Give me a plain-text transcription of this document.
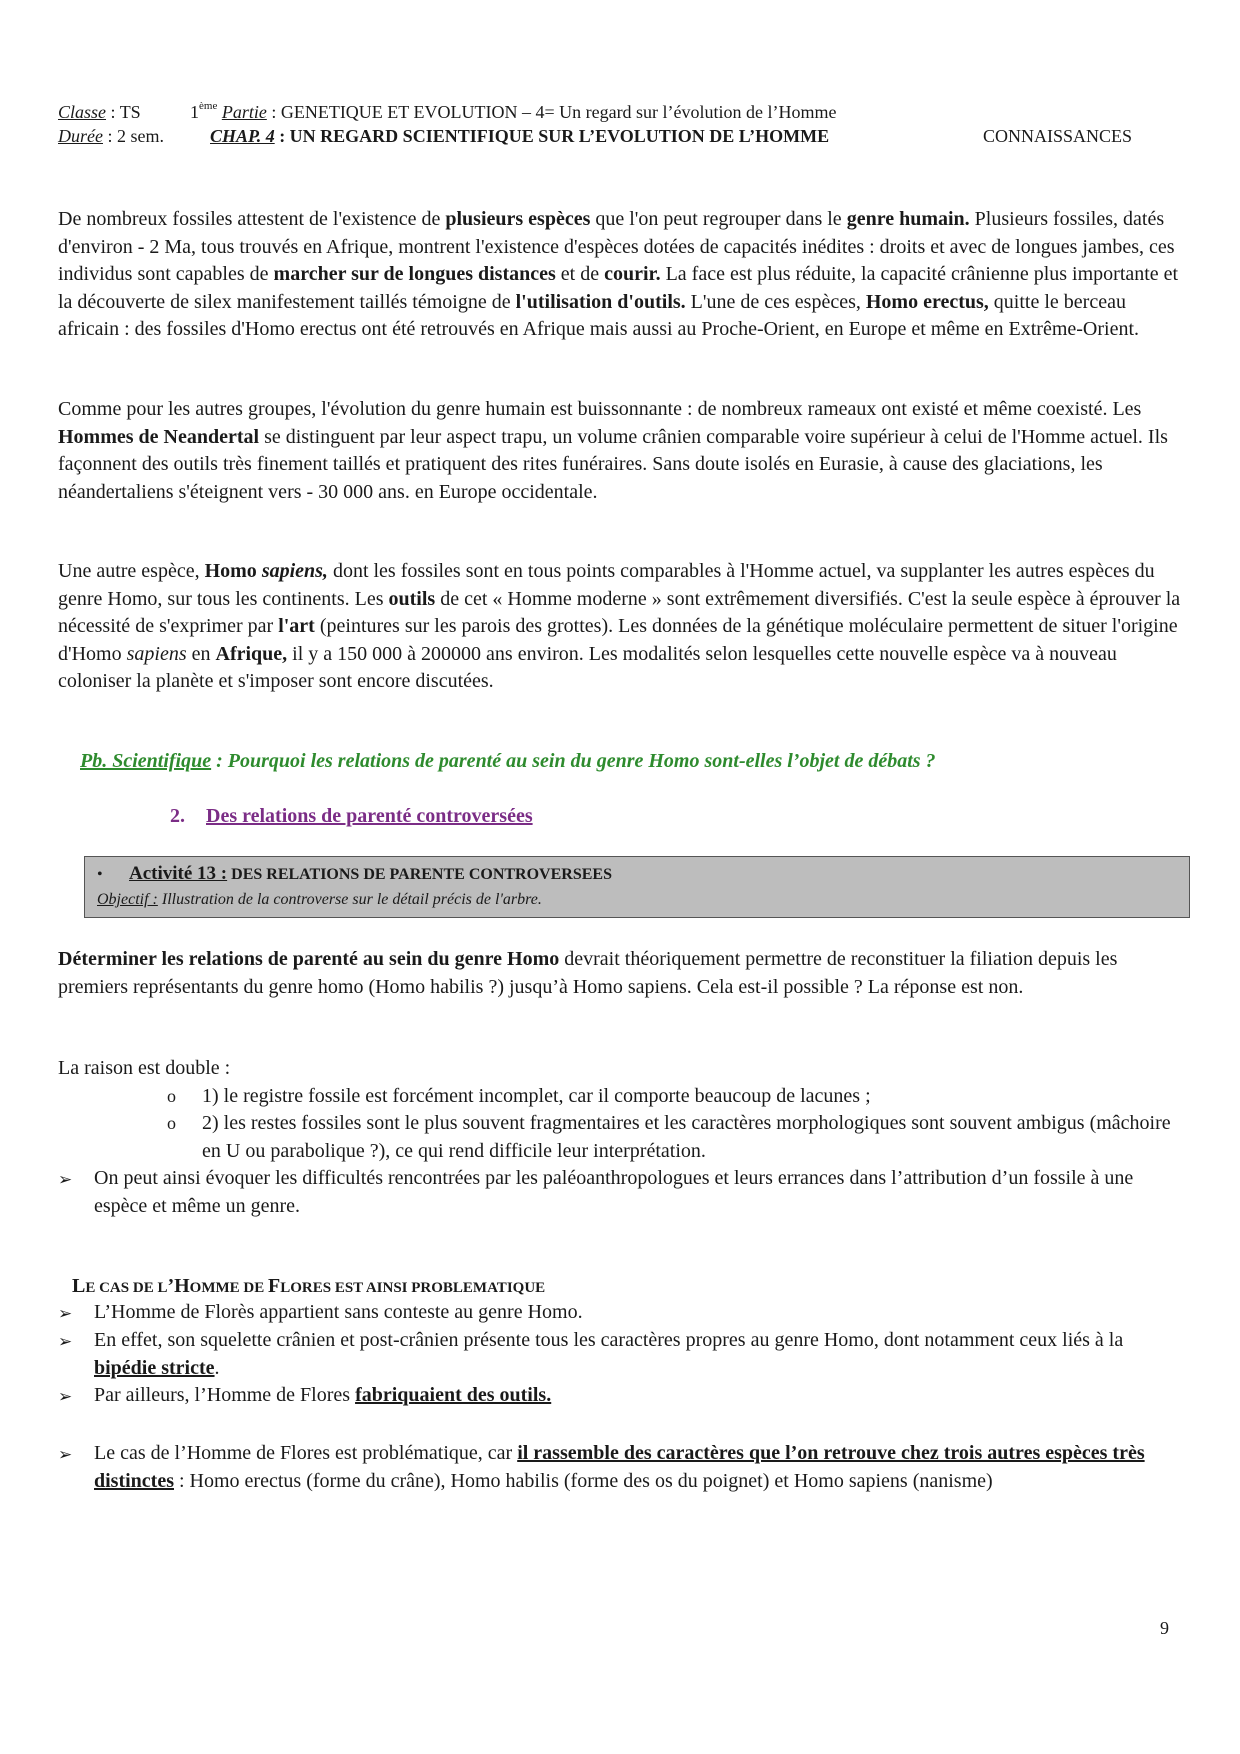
Classe : TS	1ème Partie : GENETIQUE ET EVOLUTION – 4= Un regard sur l’évolution de l’Homme
Durée : 2 sem.	CHAP. 4 : UN REGARD SCIENTIFIQUE SUR L’EVOLUTION DE L’HOMME	CONNAISSANCES

De nombreux fossiles attestent de l'existence de plusieurs espèces que l'on peut regrouper dans le genre humain. Plusieurs fossiles, datés d'environ - 2 Ma, tous trouvés en Afrique, montrent l'existence d'espèces dotées de capacités inédites : droits et avec de longues jambes, ces individus sont capables de marcher sur de longues distances et de courir. La face est plus réduite, la capacité crânienne plus importante et la découverte de silex manifestement taillés témoigne de l'utilisation d'outils. L'une de ces espèces, Homo erectus, quitte le berceau africain : des fossiles d'Homo erectus ont été retrouvés en Afrique mais aussi au Proche-Orient, en Europe et même en Extrême-Orient.

Comme pour les autres groupes, l'évolution du genre humain est buissonnante : de nombreux rameaux ont existé et même coexisté. Les Hommes de Neandertal se distinguent par leur aspect trapu, un volume crânien comparable voire supérieur à celui de l'Homme actuel. Ils façonnent des outils très finement taillés et pratiquent des rites funéraires. Sans doute isolés en Eurasie, à cause des glaciations, les néandertaliens s'éteignent vers - 30 000 ans. en Europe occidentale.

Une autre espèce, Homo sapiens, dont les fossiles sont en tous points comparables à l'Homme actuel, va supplanter les autres espèces du genre Homo, sur tous les continents. Les outils de cet « Homme moderne » sont extrêmement diversifiés. C'est la seule espèce à éprouver la nécessité de s'exprimer par l'art (peintures sur les parois des grottes). Les données de la génétique moléculaire permettent de situer l'origine d'Homo sapiens en Afrique, il y a 150 000 à 200000 ans environ. Les modalités selon lesquelles cette nouvelle espèce va à nouveau coloniser la planète et s'imposer sont encore discutées.

Pb. Scientifique : Pourquoi les relations de parenté au sein du genre Homo sont-elles l’objet de débats ?
2. Des relations de parenté controversées
• Activité 13 : DES RELATIONS DE PARENTE CONTROVERSEES
Objectif : Illustration de la controverse sur le détail précis de l'arbre.

Déterminer les relations de parenté au sein du genre Homo devrait théoriquement permettre de reconstituer la filiation depuis les premiers représentants du genre homo (Homo habilis ?) jusqu’à Homo sapiens. Cela est-il possible ? La réponse est non.

La raison est double :

o 1) le registre fossile est forcément incomplet, car il comporte beaucoup de lacunes ;
o 2) les restes fossiles sont le plus souvent fragmentaires et les caractères morphologiques sont souvent ambigus (mâchoire en U ou parabolique ?), ce qui rend difficile leur interprétation.
➢ On peut ainsi évoquer les difficultés rencontrées par les paléoanthropologues et leurs errances dans l’attribution d’un fossile à une espèce et même un genre.
LE CAS DE L’HOMME DE FLORES EST AINSI PROBLEMATIQUE
➢ L’Homme de Florès appartient sans conteste au genre Homo.
➢ En effet, son squelette crânien et post-crânien présente tous les caractères propres au genre Homo, dont notamment ceux liés à la bipédie stricte.
➢ Par ailleurs, l’Homme de Flores fabriquaient des outils.
➢ Le cas de l’Homme de Flores est problématique, car il rassemble des caractères que l’on retrouve chez trois autres espèces très distinctes : Homo erectus (forme du crâne), Homo habilis (forme des os du poignet) et Homo sapiens (nanisme)
9
